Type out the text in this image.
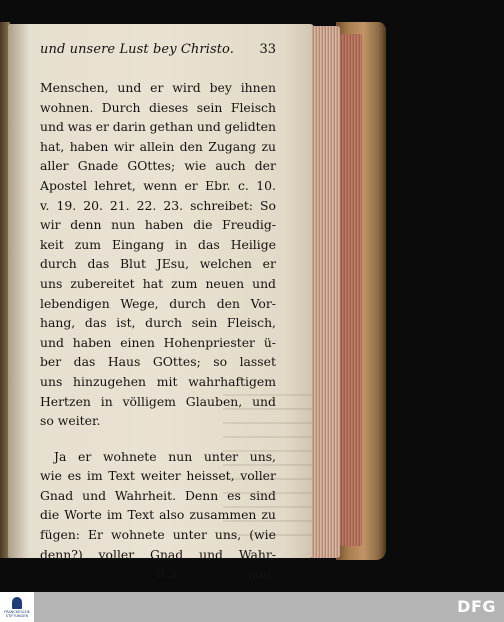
und unsere Lust bey Christo. 33
Menschen, und er wird bey ihnen
wohnen. Durch dieses sein Fleisch
und was er darin gethan und gelidten
hat, haben wir allein den Zugang zu
aller Gnade GOttes; wie auch der
Apostel lehret, wenn er Ebr. c. 10.
v. 19. 20. 21. 22. 23. schreibet: So
wir denn nun haben die Freudig-
keit zum Eingang in das Heilige
durch das Blut JEsu, welchen er
uns zubereitet hat zum neuen und
lebendigen Wege, durch den Vor-
hang, das ist, durch sein Fleisch,
und haben einen Hohenpriester ü-
ber das Haus GOttes; so lasset
uns hinzugehen mit wahrhaftigem
Hertzen in völligem Glauben, und
so weiter.
Ja er wohnete nun unter uns,
wie es im Text weiter heisset, voller
Gnad und Wahrheit. Denn es sind
die Worte im Text also zusammen zu
fügen: Er wohnete unter uns, (wie
denn?) voller Gnad und Wahr-
B 5	heit:
FRANCKESCHE STIFTUNGEN	DFG
